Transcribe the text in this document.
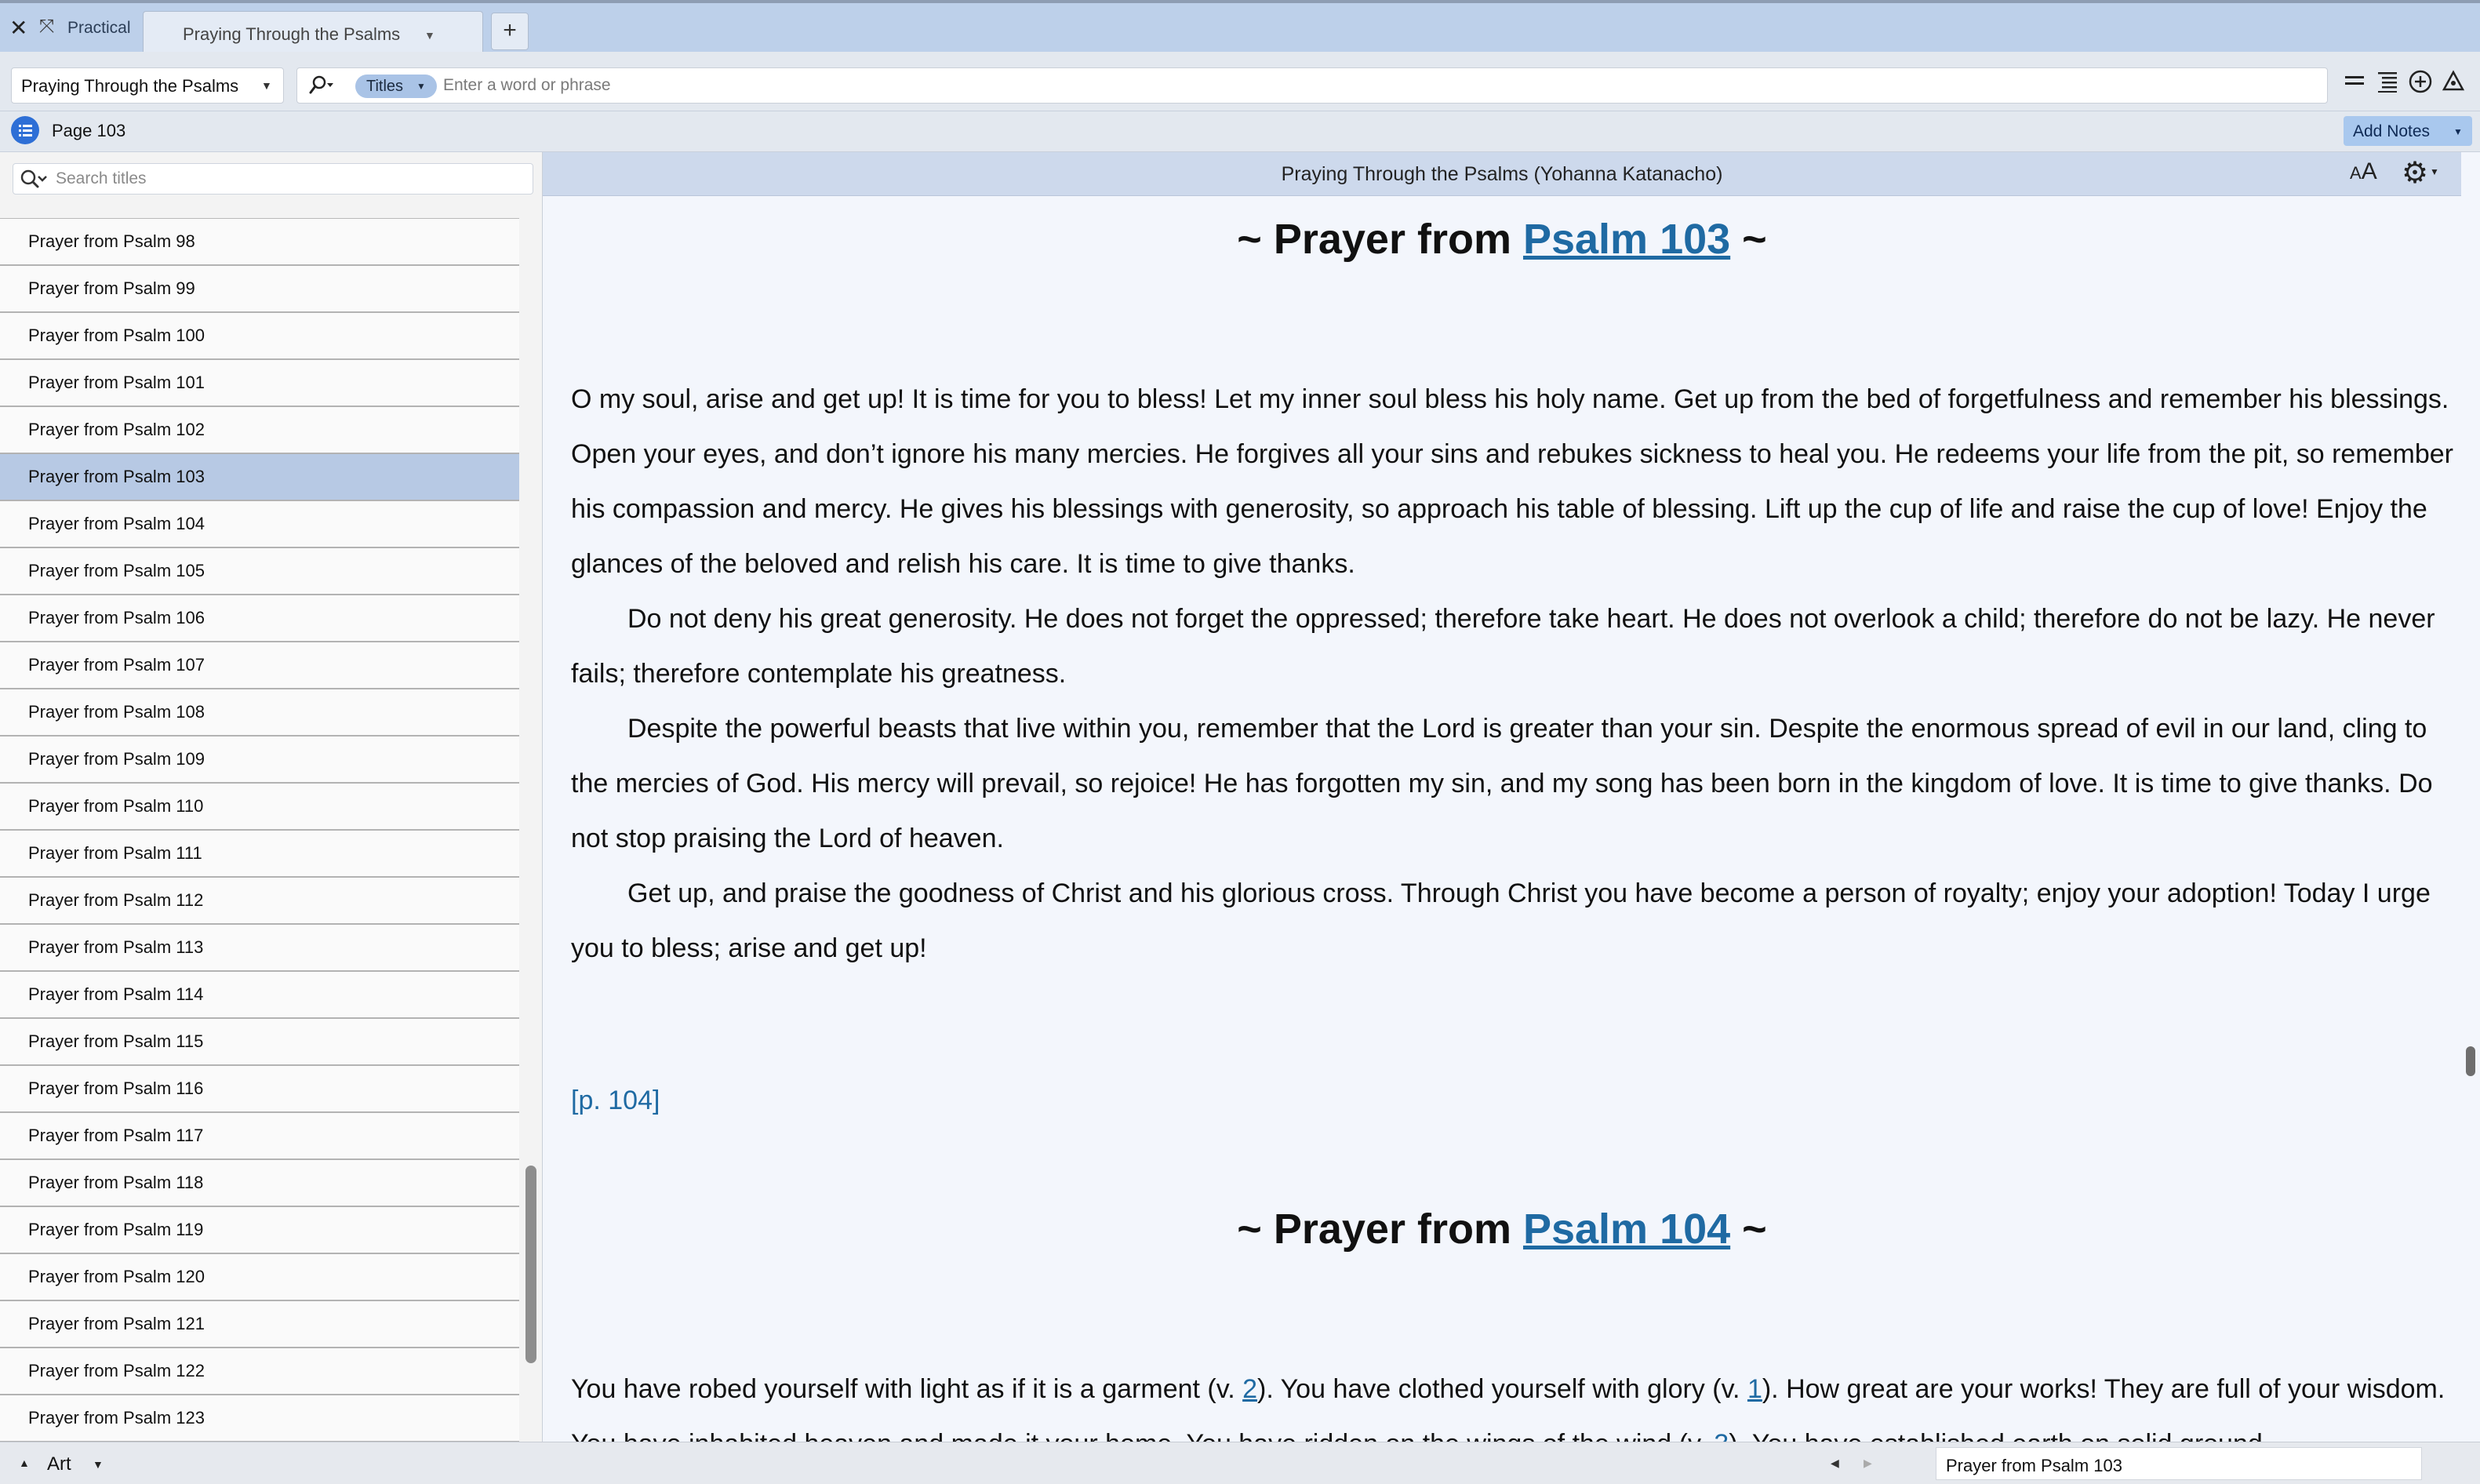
✕ ⤧ Practical	Praying Through the Psalms ▼	+
Praying Through the Psalms ▼	Titles ▼
Enter a word or phrase
Page 103	Add Notes ▼
Search titles
Prayer from Psalm 98
Prayer from Psalm 99
Prayer from Psalm 100
Prayer from Psalm 101
Prayer from Psalm 102
Prayer from Psalm 103
Prayer from Psalm 104
Prayer from Psalm 105
Prayer from Psalm 106
Prayer from Psalm 107
Prayer from Psalm 108
Prayer from Psalm 109
Prayer from Psalm 110
Prayer from Psalm 111
Prayer from Psalm 112
Prayer from Psalm 113
Prayer from Psalm 114
Prayer from Psalm 115
Prayer from Psalm 116
Prayer from Psalm 117
Prayer from Psalm 118
Prayer from Psalm 119
Prayer from Psalm 120
Prayer from Psalm 121
Prayer from Psalm 122
Prayer from Psalm 123
Praying Through the Psalms (Yohanna Katanacho)	AA ⚙ ▼
~ Prayer from Psalm 103 ~

O my soul, arise and get up! It is time for you to bless! Let my inner soul bless his holy name. Get up from the bed of forgetfulness and remember his blessings. Open your eyes, and don’t ignore his many mercies. He forgives all your sins and rebukes sickness to heal you. He redeems your life from the pit, so remember his compassion and mercy. He gives his blessings with generosity, so approach his table of blessing. Lift up the cup of life and raise the cup of love! Enjoy the glances of the beloved and relish his care. It is time to give thanks.

Do not deny his great generosity. He does not forget the oppressed; therefore take heart. He does not overlook a child; therefore do not be lazy. He never fails; therefore contemplate his greatness.

Despite the powerful beasts that live within you, remember that the Lord is greater than your sin. Despite the enormous spread of evil in our land, cling to the mercies of God. His mercy will prevail, so rejoice! He has forgotten my sin, and my song has been born in the kingdom of love. It is time to give thanks. Do not stop praising the Lord of heaven.

Get up, and praise the goodness of Christ and his glorious cross. Through Christ you have become a person of royalty; enjoy your adoption! Today I urge you to bless; arise and get up!

[p. 104]
~ Prayer from Psalm 104 ~

You have robed yourself with light as if it is a garment (v. 2). You have clothed yourself with glory (v. 1). How great are your works! They are full of your wisdom.

▲ Art ▼	◀ ▶	Prayer from Psalm 103
